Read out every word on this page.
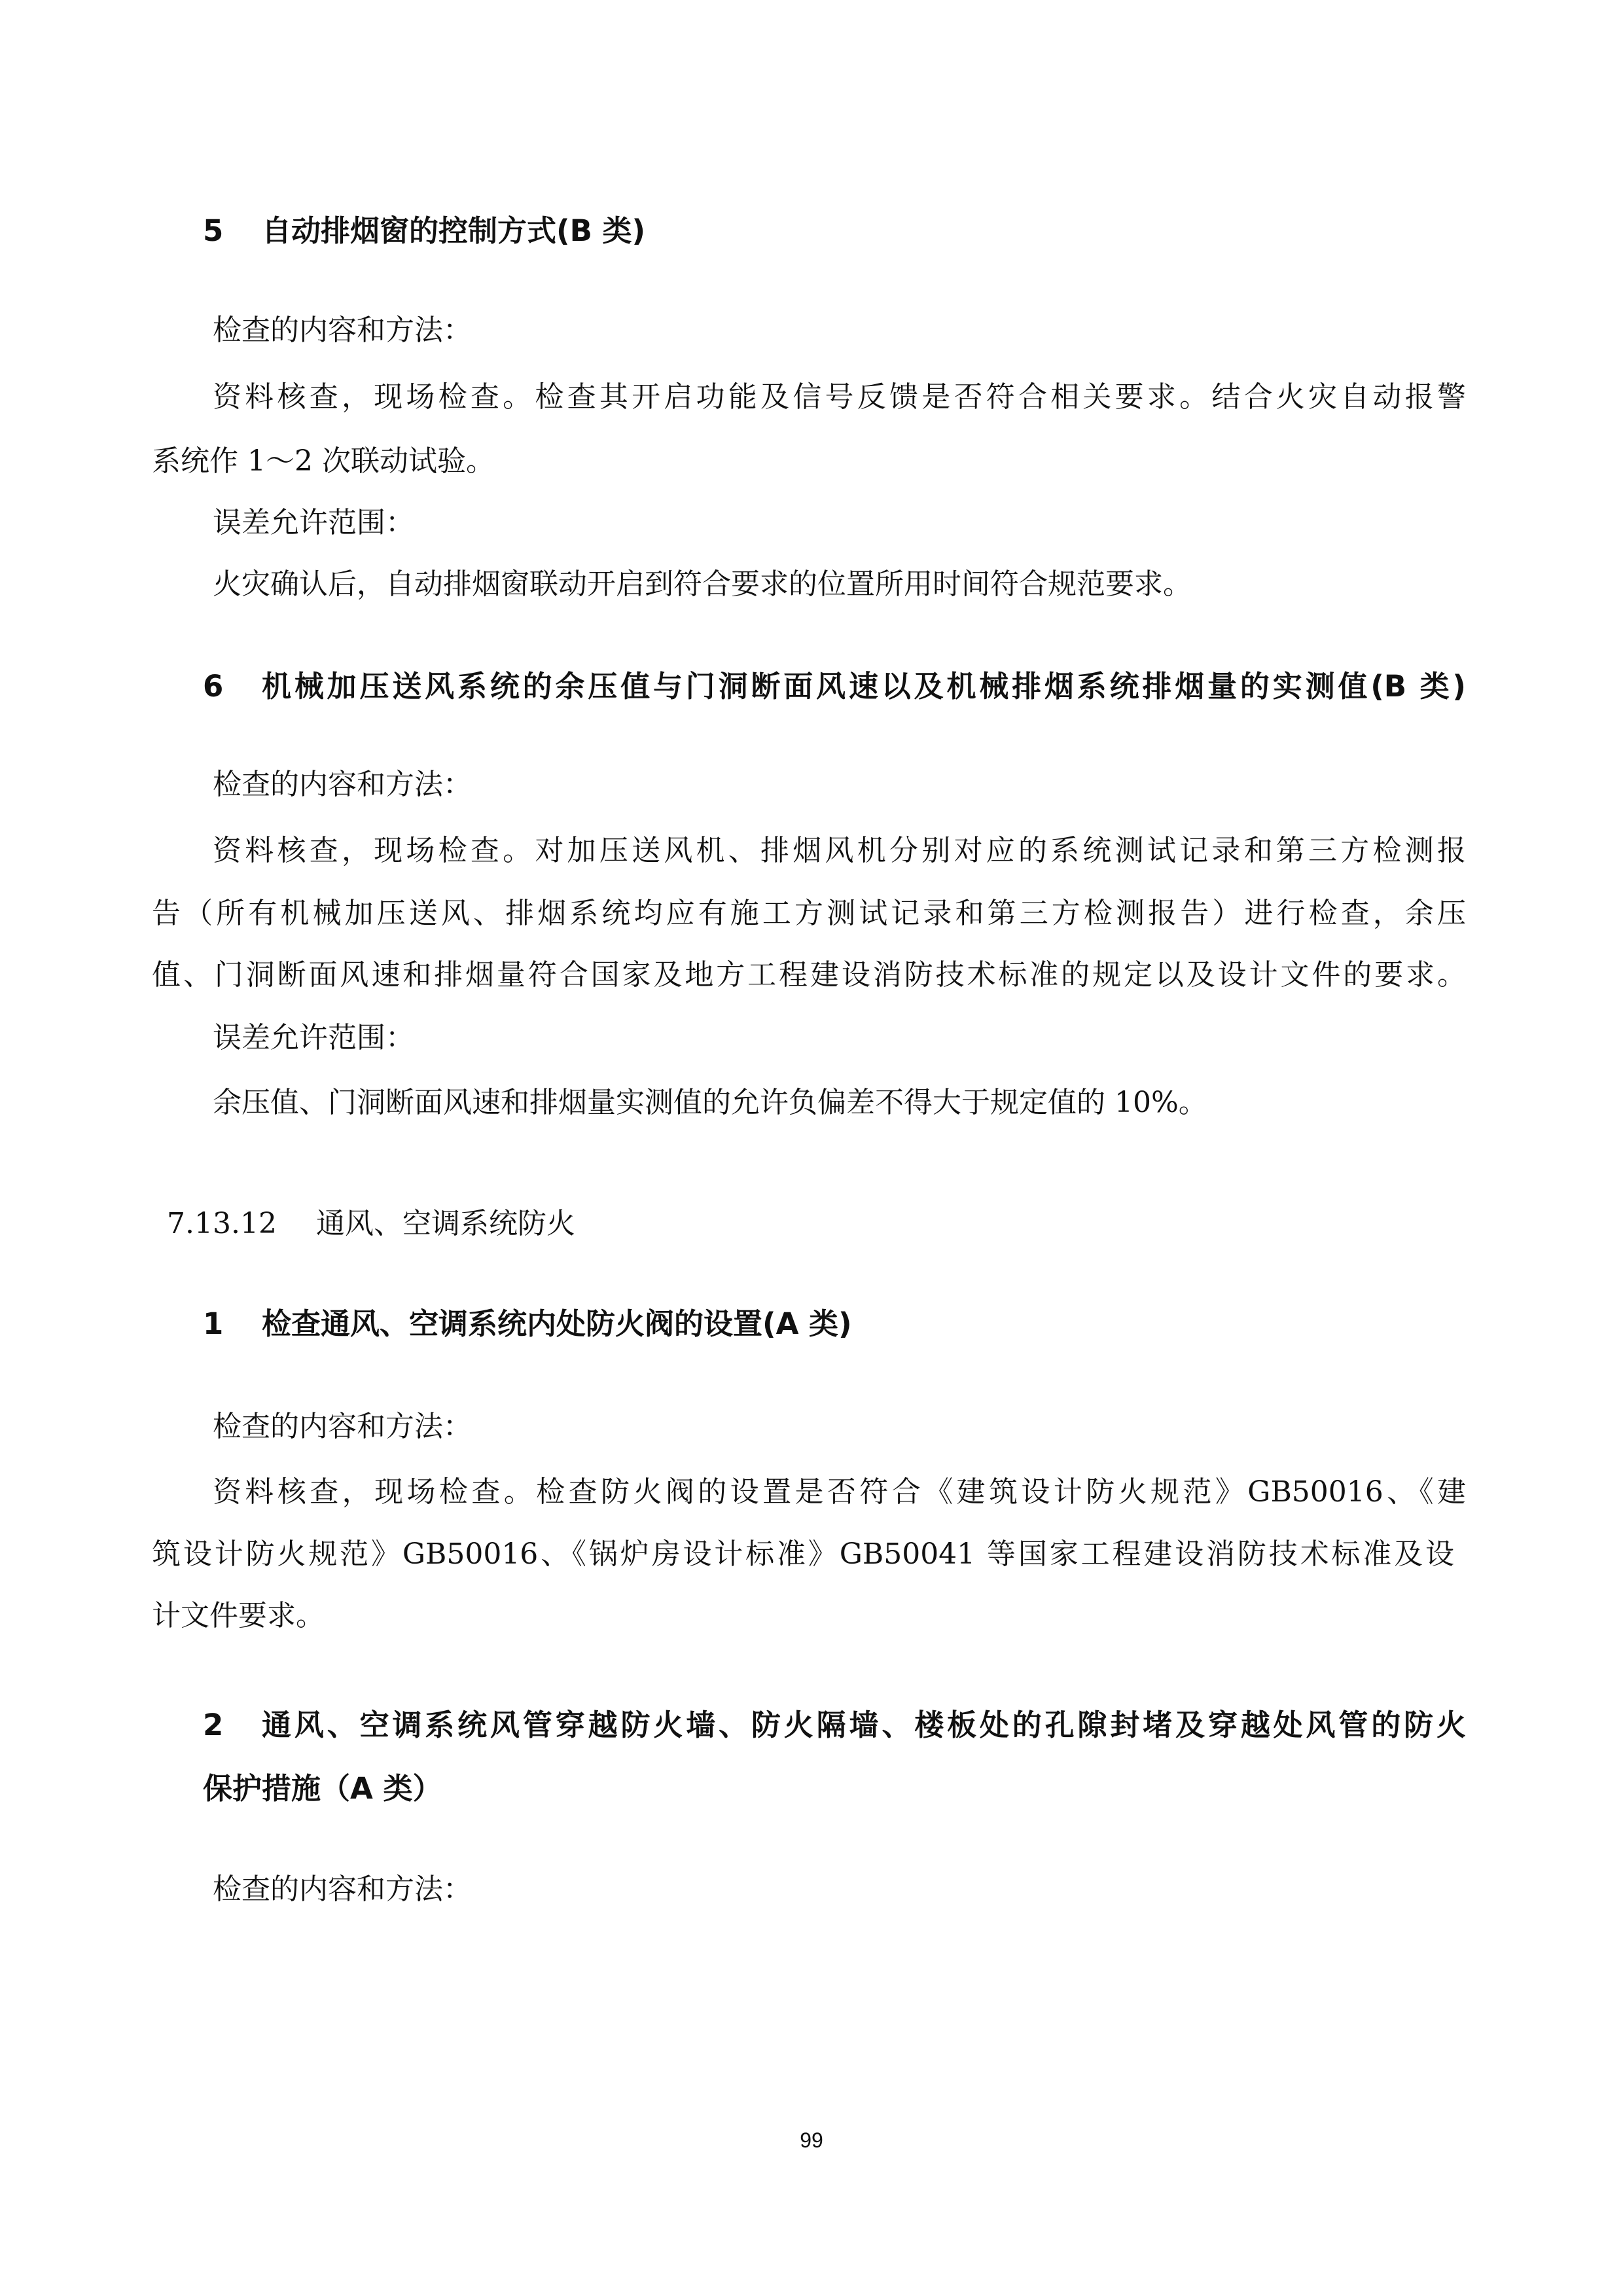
5 自动排烟窗的控制方式(B 类)
检查的内容和方法：
资料核查，现场检查。检查其开启功能及信号反馈是否符合相关要求。结合火灾自动报警
系统作 1～2 次联动试验。
误差允许范围：
火灾确认后，自动排烟窗联动开启到符合要求的位置所用时间符合规范要求。
6 机械加压送风系统的余压值与门洞断面风速以及机械排烟系统排烟量的实测值(B 类)
检查的内容和方法：
资料核查，现场检查。对加压送风机、排烟风机分别对应的系统测试记录和第三方检测报
告（所有机械加压送风、排烟系统均应有施工方测试记录和第三方检测报告）进行检查，余压
值、门洞断面风速和排烟量符合国家及地方工程建设消防技术标准的规定以及设计文件的要求。
误差允许范围：
余压值、门洞断面风速和排烟量实测值的允许负偏差不得大于规定值的 10%。
7.13.12 通风、空调系统防火
1 检查通风、空调系统内处防火阀的设置(A 类)
检查的内容和方法：
资料核查，现场检查。检查防火阀的设置是否符合《建筑设计防火规范》GB50016、《建
筑设计防火规范》GB50016、《锅炉房设计标准》GB50041 等国家工程建设消防技术标准及设
计文件要求。
2 通风、空调系统风管穿越防火墙、防火隔墙、楼板处的孔隙封堵及穿越处风管的防火
保护措施（A 类）
检查的内容和方法：
99
